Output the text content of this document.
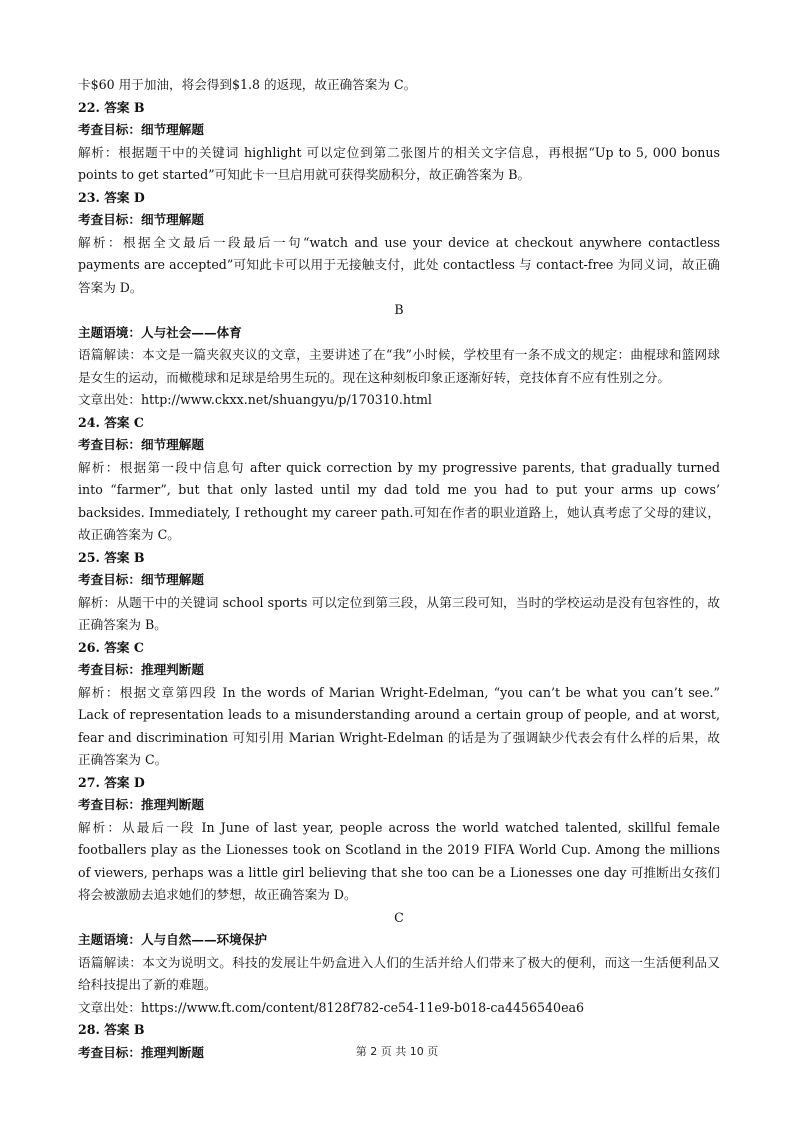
卡$60 用于加油，将会得到$1.8 的返现，故正确答案为 C。

22. 答案 B

考查目标：细节理解题

解析：根据题干中的关键词 highlight 可以定位到第二张图片的相关文字信息，再根据“Up to 5, 000 bonus points to get started”可知此卡一旦启用就可获得奖励积分，故正确答案为 B。

23. 答案 D

考查目标：细节理解题

解析：根据全文最后一段最后一句“watch and use your device at checkout anywhere contactless payments are accepted”可知此卡可以用于无接触支付，此处 contactless 与 contact-free 为同义词，故正确答案为 D。

B

主题语境：人与社会——体育

语篇解读：本文是一篇夹叙夹议的文章，主要讲述了在“我”小时候，学校里有一条不成文的规定：曲棍球和篮网球是女生的运动，而橄榄球和足球是给男生玩的。现在这种刻板印象正逐渐好转，竞技体育不应有性别之分。

文章出处：http://www.ckxx.net/shuangyu/p/170310.html

24. 答案 C

考查目标：细节理解题

解析：根据第一段中信息句 after quick correction by my progressive parents, that gradually turned into “farmer”, but that only lasted until my dad told me you had to put your arms up cows’ backsides. Immediately, I rethought my career path.可知在作者的职业道路上，她认真考虑了父母的建议，故正确答案为 C。

25. 答案 B

考查目标：细节理解题

解析：从题干中的关键词 school sports 可以定位到第三段，从第三段可知，当时的学校运动是没有包容性的，故正确答案为 B。

26. 答案 C

考查目标：推理判断题

解析：根据文章第四段 In the words of Marian Wright-Edelman, “you can’t be what you can’t see.” Lack of representation leads to a misunderstanding around a certain group of people, and at worst, fear and discrimination 可知引用 Marian Wright-Edelman 的话是为了强调缺少代表会有什么样的后果，故正确答案为 C。

27. 答案 D

考查目标：推理判断题

解析：从最后一段 In June of last year, people across the world watched talented, skillful female footballers play as the Lionesses took on Scotland in the 2019 FIFA World Cup. Among the millions of viewers, perhaps was a little girl believing that she too can be a Lionesses one day 可推断出女孩们将会被激励去追求她们的梦想，故正确答案为 D。

C

主题语境：人与自然——环境保护

语篇解读：本文为说明文。科技的发展让牛奶盒进入人们的生活并给人们带来了极大的便利，而这一生活便利品又给科技提出了新的难题。

文章出处：https://www.ft.com/content/8128f782-ce54-11e9-b018-ca4456540ea6

28. 答案 B

考查目标：推理判断题	第 2 页 共 10 页
